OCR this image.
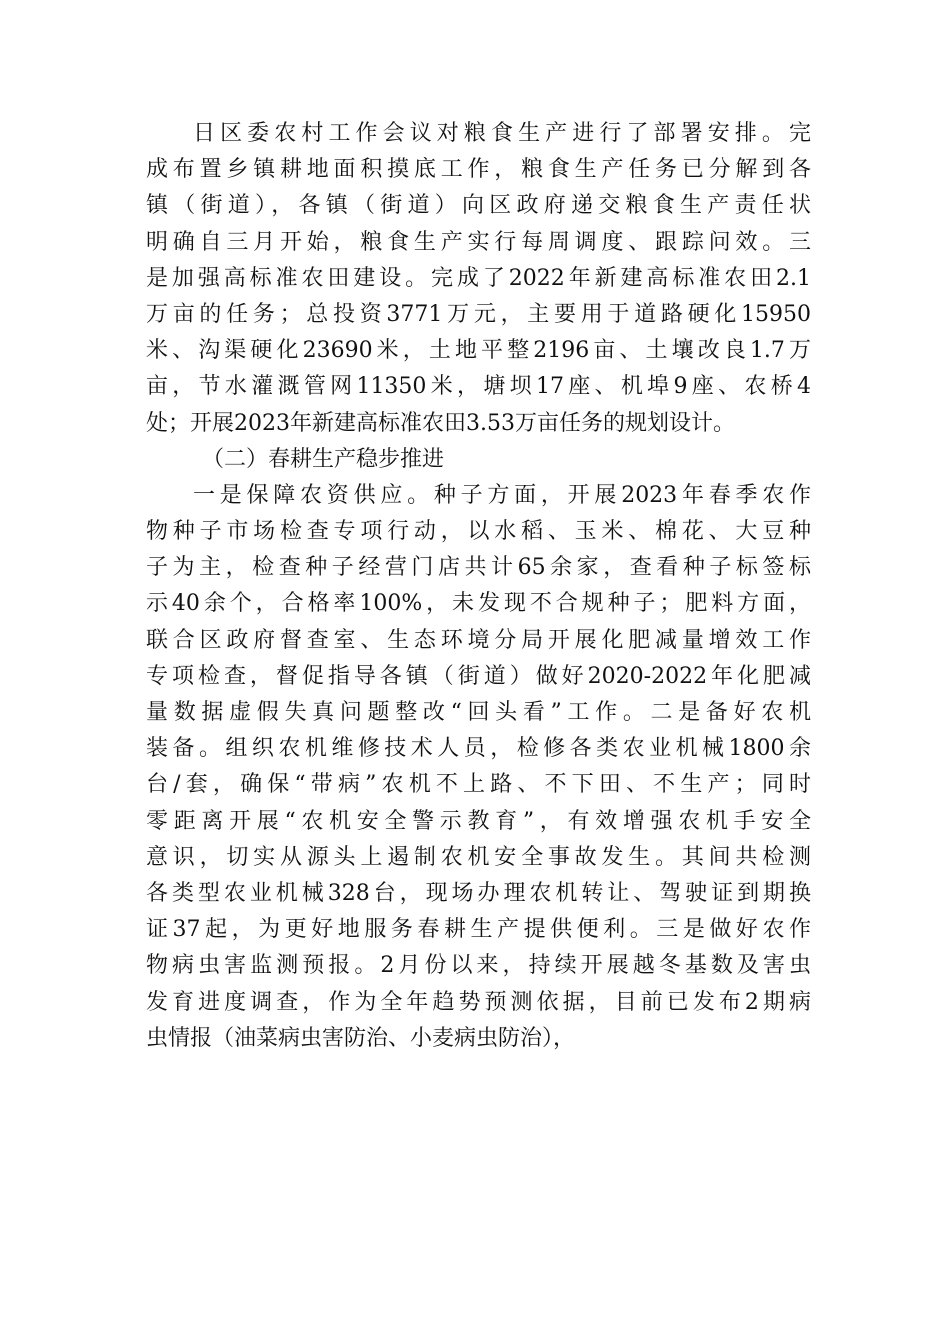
日区委农村工作会议对粮食生产进行了部署安排。完
成布置乡镇耕地面积摸底工作，粮食生产任务已分解到各
镇（街道），各镇（街道）向区政府递交粮食生产责任状
明确自三月开始，粮食生产实行每周调度、跟踪问效。三
是加强高标准农田建设。完成了2022年新建高标准农田2.1
万亩的任务；总投资3771万元，主要用于道路硬化15950
米、沟渠硬化23690米，土地平整2196亩、土壤改良1.7万
亩，节水灌溉管网11350米，塘坝17座、机埠9座、农桥4
处；开展2023年新建高标准农田3.53万亩任务的规划设计。
（二）春耕生产稳步推进
一是保障农资供应。种子方面，开展2023年春季农作
物种子市场检查专项行动，以水稻、玉米、棉花、大豆种
子为主，检查种子经营门店共计65余家，查看种子标签标
示40余个，合格率100%，未发现不合规种子；肥料方面，
联合区政府督查室、生态环境分局开展化肥减量增效工作
专项检查，督促指导各镇（街道）做好2020-2022年化肥减
量数据虚假失真问题整改“回头看”工作。二是备好农机
装备。组织农机维修技术人员，检修各类农业机械1800余
台/套，确保“带病”农机不上路、不下田、不生产；同时
零距离开展“农机安全警示教育”，有效增强农机手安全
意识，切实从源头上遏制农机安全事故发生。其间共检测
各类型农业机械328台，现场办理农机转让、驾驶证到期换
证37起，为更好地服务春耕生产提供便利。三是做好农作
物病虫害监测预报。2月份以来，持续开展越冬基数及害虫
发育进度调查，作为全年趋势预测依据，目前已发布2期病
虫情报（油菜病虫害防治、小麦病虫防治），
